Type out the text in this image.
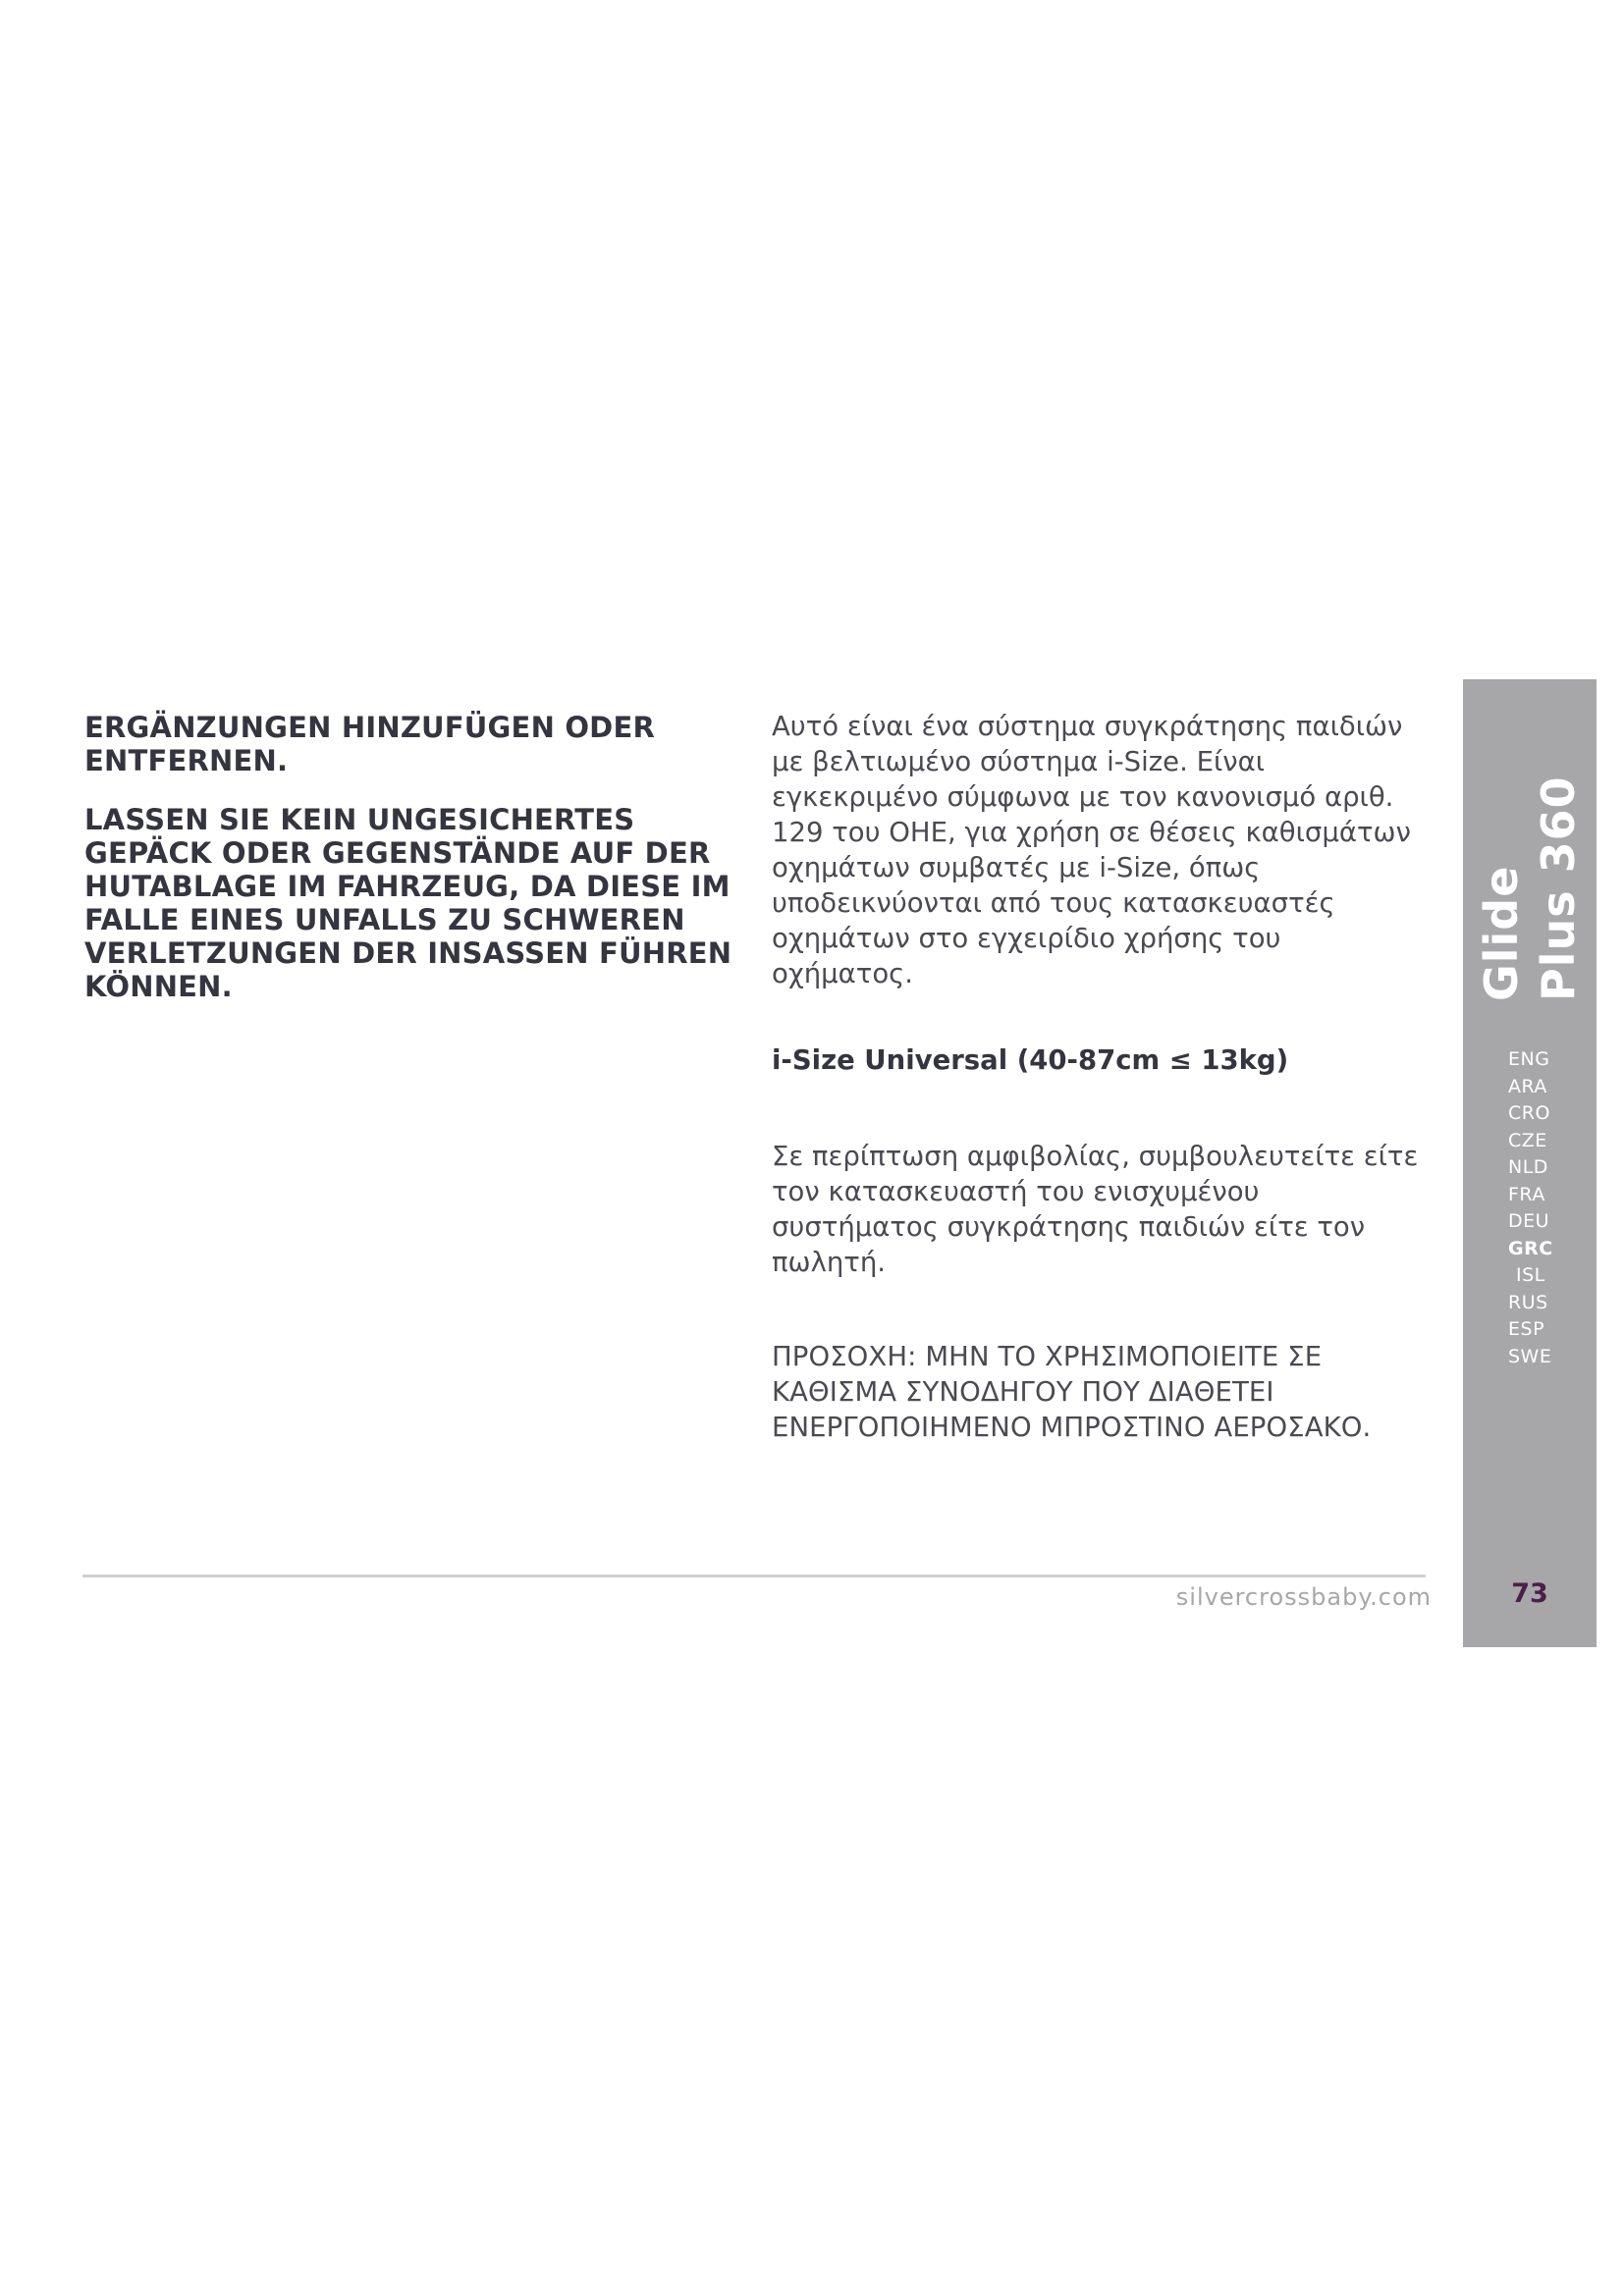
ERGÄNZUNGEN HINZUFÜGEN ODER ENTFERNEN.

LASSEN SIE KEIN UNGESICHERTES GEPÄCK ODER GEGENSTÄNDE AUF DER HUTABLAGE IM FAHRZEUG, DA DIESE IM FALLE EINES UNFALLS ZU SCHWEREN VERLETZUNGEN DER INSASSEN FÜHREN KÖNNEN.

Αυτό είναι ένα σύστημα συγκράτησης παιδιών με βελτιωμένο σύστημα i-Size. Είναι εγκεκριμένο σύμφωνα με τον κανονισμό αριθ. 129 του ΟΗΕ, για χρήση σε θέσεις καθισμάτων οχημάτων συμβατές με i-Size, όπως υποδεικνύονται από τους κατασκευαστές οχημάτων στο εγχειρίδιο χρήσης του οχήματος.

i-Size Universal (40-87cm ≤ 13kg)

Σε περίπτωση αμφιβολίας, συμβουλευτείτε είτε τον κατασκευαστή του ενισχυμένου συστήματος συγκράτησης παιδιών είτε τον πωλητή.

ΠΡΟΣΟΧΗ: ΜΗΝ ΤΟ ΧΡΗΣΙΜΟΠΟΙΕΙΤΕ ΣΕ ΚΑΘΙΣΜΑ ΣΥΝΟΔΗΓΟΥ ΠΟΥ ΔΙΑΘΕΤΕΙ ΕΝΕΡΓΟΠΟΙΗΜΕΝΟ ΜΠΡΟΣΤΙΝΟ ΑΕΡΟΣΑΚΟ.

silvercrossbaby.com
Glide Plus 360
ENG
ARA
CRO
CZE
NLD
FRA
DEU
GRC
ISL
RUS
ESP
SWE
73
